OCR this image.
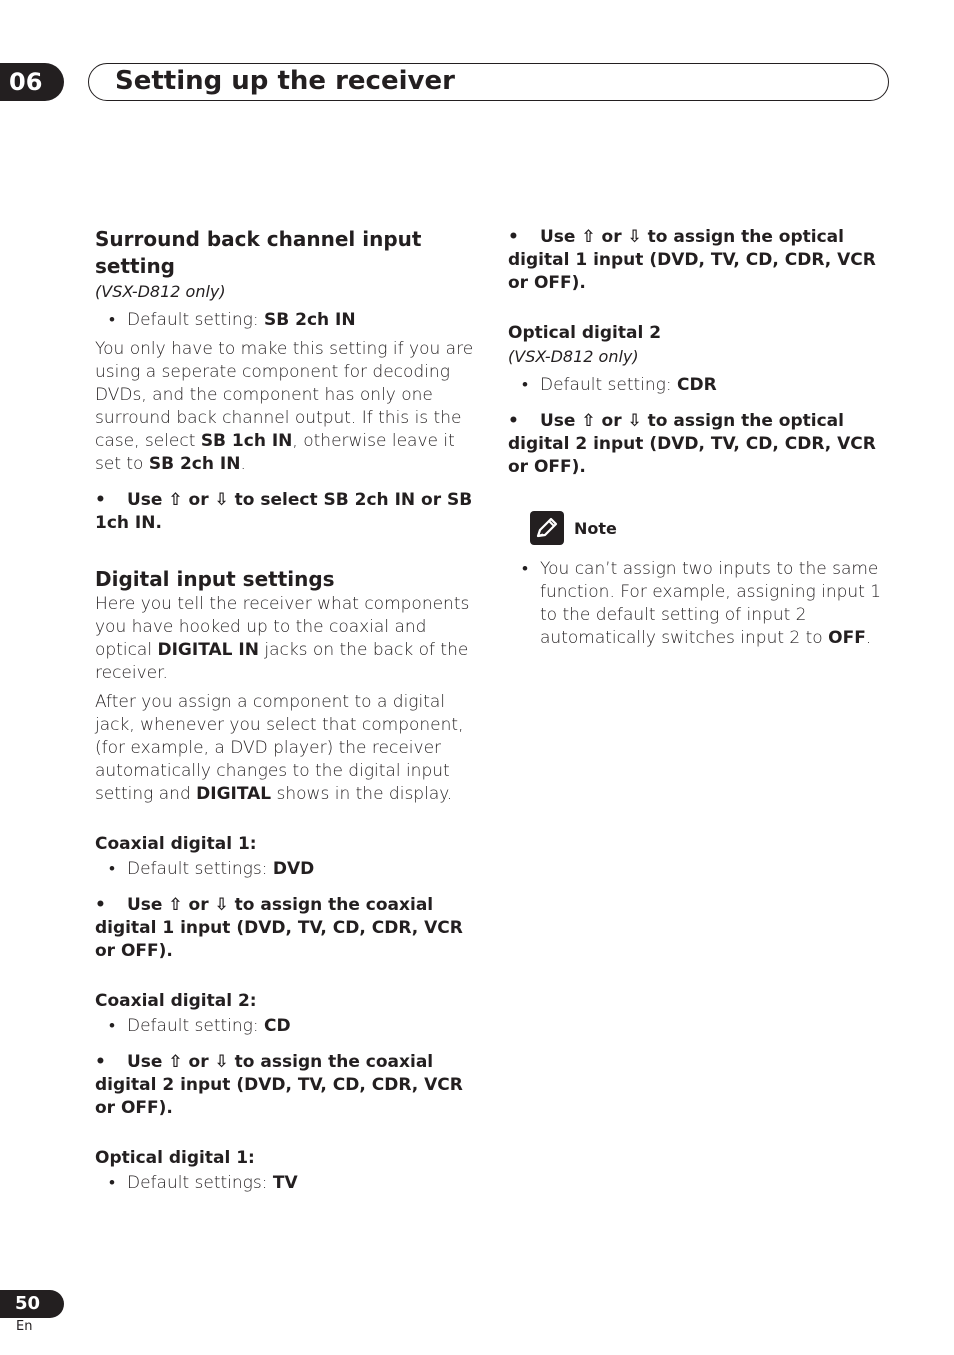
06	Setting up the receiver
Surround back channel input setting

(VSX-D812 only)

• Default setting: SB 2ch IN

You only have to make this setting if you are using a seperate component for decoding DVDs, and the component has only one surround back channel output. If this is the case, select SB 1ch IN, otherwise leave it set to SB 2ch IN.

• Use ⇧ or ⇩ to select SB 2ch IN or SB 1ch IN.
Digital input settings

Here you tell the receiver what components you have hooked up to the coaxial and optical DIGITAL IN jacks on the back of the receiver.

After you assign a component to a digital jack, whenever you select that component, (for example, a DVD player) the receiver automatically changes to the digital input setting and DIGITAL shows in the display.

Coaxial digital 1:
• Default settings: DVD
• Use ⇧ or ⇩ to assign the coaxial digital 1 input (DVD, TV, CD, CDR, VCR or OFF).
Coaxial digital 2:
• Default setting: CD
• Use ⇧ or ⇩ to assign the coaxial digital 2 input (DVD, TV, CD, CDR, VCR or OFF).
Optical digital 1:
• Default settings: TV
• Use ⇧ or ⇩ to assign the optical digital 1 input (DVD, TV, CD, CDR, VCR or OFF).
Optical digital 2

(VSX-D812 only)

• Default setting: CDR
• Use ⇧ or ⇩ to assign the optical digital 2 input (DVD, TV, CD, CDR, VCR or OFF).
Note
• You can’t assign two inputs to the same function. For example, assigning input 1 to the default setting of input 2 automatically switches input 2 to OFF.
50
En
